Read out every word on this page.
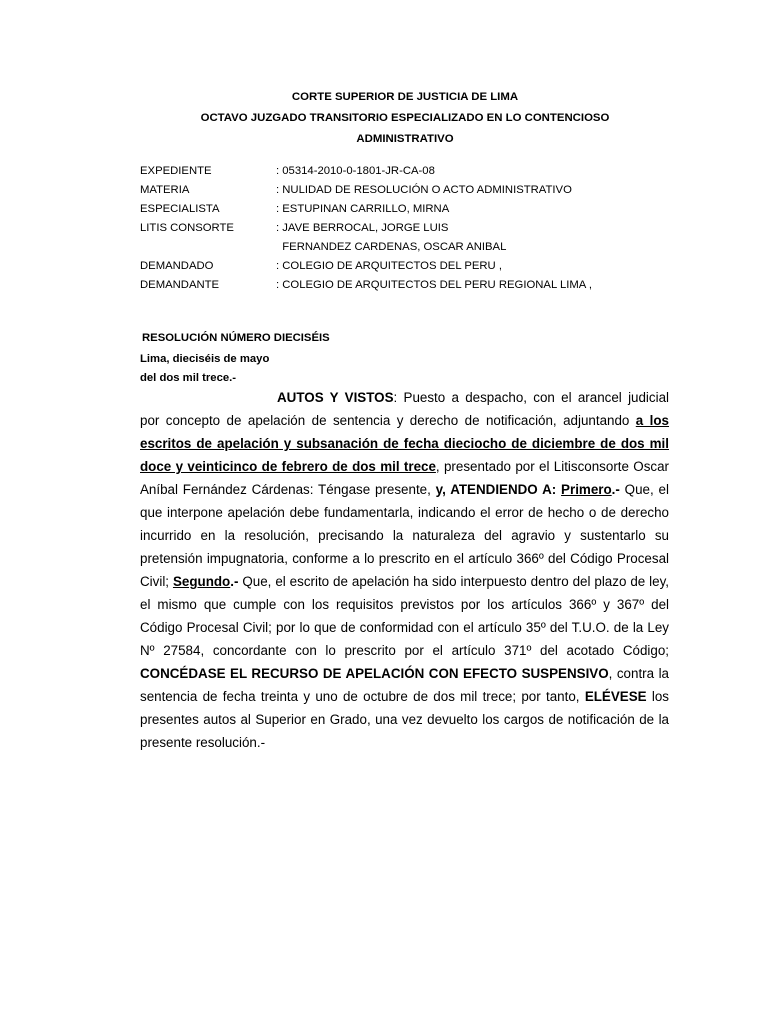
CORTE SUPERIOR DE JUSTICIA DE LIMA
OCTAVO JUZGADO TRANSITORIO ESPECIALIZADO EN LO CONTENCIOSO
ADMINISTRATIVO
EXPEDIENTE	: 05314-2010-0-1801-JR-CA-08
MATERIA	: NULIDAD DE RESOLUCIÓN O ACTO ADMINISTRATIVO
ESPECIALISTA	: ESTUPINAN CARRILLO, MIRNA
LITIS CONSORTE	: JAVE BERROCAL, JORGE LUIS
FERNANDEZ CARDENAS, OSCAR ANIBAL
DEMANDADO	: COLEGIO DE ARQUITECTOS DEL PERU ,
DEMANDANTE	: COLEGIO DE ARQUITECTOS DEL PERU REGIONAL LIMA ,
RESOLUCIÓN NÚMERO DIECISÉIS
Lima, dieciséis de mayo
del dos mil trece.-
AUTOS Y VISTOS: Puesto a despacho, con el arancel judicial por concepto de apelación de sentencia y derecho de notificación, adjuntando a los escritos de apelación y subsanación de fecha dieciocho de diciembre de dos mil doce y veinticinco de febrero de dos mil trece, presentado por el Litisconsorte Oscar Aníbal Fernández Cárdenas: Téngase presente, y, ATENDIENDO A: Primero.- Que, el que interpone apelación debe fundamentarla, indicando el error de hecho o de derecho incurrido en la resolución, precisando la naturaleza del agravio y sustentarlo su pretensión impugnatoria, conforme a lo prescrito en el artículo 366º del Código Procesal Civil; Segundo.- Que, el escrito de apelación ha sido interpuesto dentro del plazo de ley, el mismo que cumple con los requisitos previstos por los artículos 366º y 367º del Código Procesal Civil; por lo que de conformidad con el artículo 35º del T.U.O. de la Ley Nº 27584, concordante con lo prescrito por el artículo 371º del acotado Código; CONCÉDASE EL RECURSO DE APELACIÓN CON EFECTO SUSPENSIVO, contra la sentencia de fecha treinta y uno de octubre de dos mil trece; por tanto, ELÉVESE los presentes autos al Superior en Grado, una vez devuelto los cargos de notificación de la presente resolución.-
